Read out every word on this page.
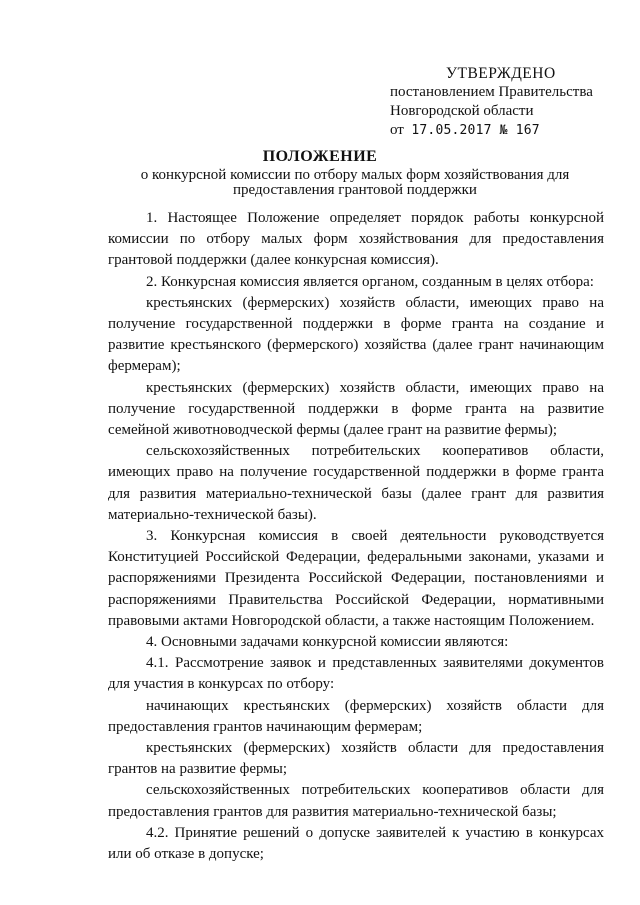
УТВЕРЖДЕНО
постановлением Правительства
Новгородской области
от 17.05.2017 № 167
ПОЛОЖЕНИЕ
о конкурсной комиссии по отбору малых форм хозяйствования для предоставления грантовой поддержки

1. Настоящее Положение определяет порядок работы конкурсной комиссии по отбору малых форм хозяйствования для предоставления грантовой поддержки (далее конкурсная комиссия).

2. Конкурсная комиссия является органом, созданным в целях отбора:

крестьянских (фермерских) хозяйств области, имеющих право на получение государственной поддержки в форме гранта на создание и развитие крестьянского (фермерского) хозяйства (далее грант начинающим фермерам);

крестьянских (фермерских) хозяйств области, имеющих право на получение государственной поддержки в форме гранта на развитие семейной животноводческой фермы (далее грант на развитие фермы);

сельскохозяйственных потребительских кооперативов области, имеющих право на получение государственной поддержки в форме гранта для развития материально-технической базы (далее грант для развития материально-технической базы).

3. Конкурсная комиссия в своей деятельности руководствуется Конституцией Российской Федерации, федеральными законами, указами и распоряжениями Президента Российской Федерации, постановлениями и распоряжениями Правительства Российской Федерации, нормативными правовыми актами Новгородской области, а также настоящим Положением.

4. Основными задачами конкурсной комиссии являются:

4.1. Рассмотрение заявок и представленных заявителями документов для участия в конкурсах по отбору:

начинающих крестьянских (фермерских) хозяйств области для предоставления грантов начинающим фермерам;

крестьянских (фермерских) хозяйств области для предоставления грантов на развитие фермы;

сельскохозяйственных потребительских кооперативов области для предоставления грантов для развития материально-технической базы;

4.2. Принятие решений о допуске заявителей к участию в конкурсах или об отказе в допуске;
